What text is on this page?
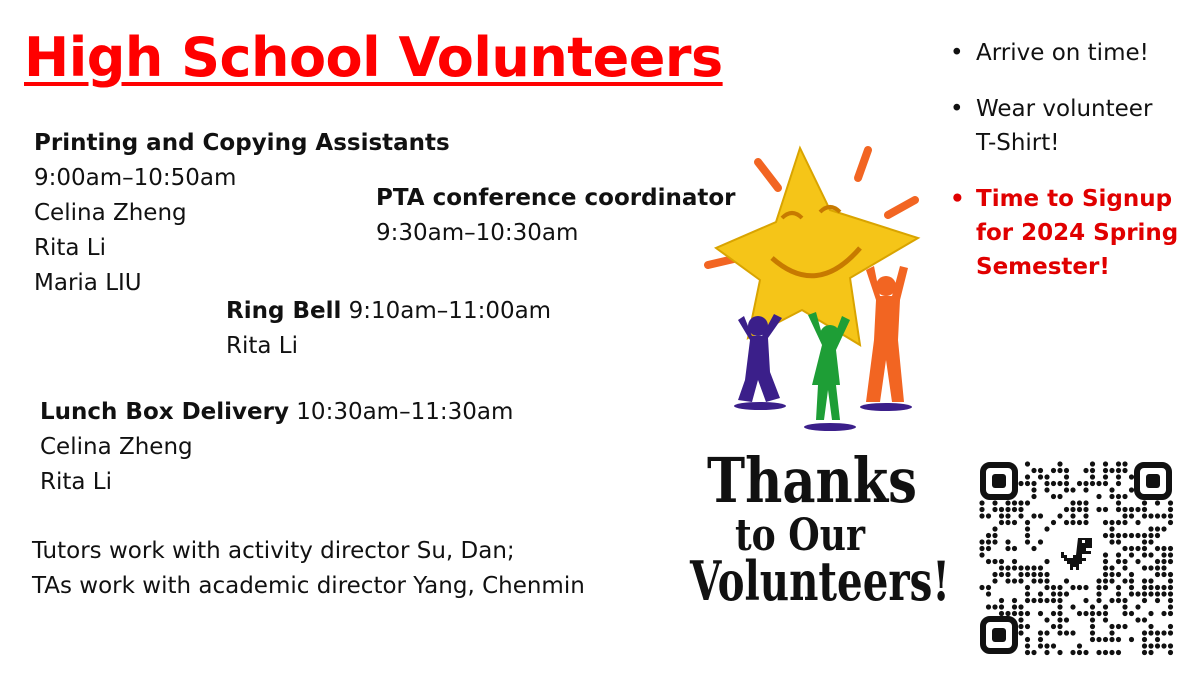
High School Volunteers
Printing and Copying Assistants
9:00am–10:50am
Celina Zheng
Rita Li
Maria LIU
PTA conference coordinator
9:30am–10:30am
Ring Bell 9:10am–11:00am
Rita Li
Lunch Box Delivery 10:30am–11:30am
Celina Zheng
Rita Li
Tutors work with activity director Su, Dan;
TAs work with academic director Yang, Chenmin
• Arrive on time!
• Wear volunteer
T-Shirt!
• Time to Signup
for 2024 Spring
Semester!
Thanks
to Our
Volunteers!
